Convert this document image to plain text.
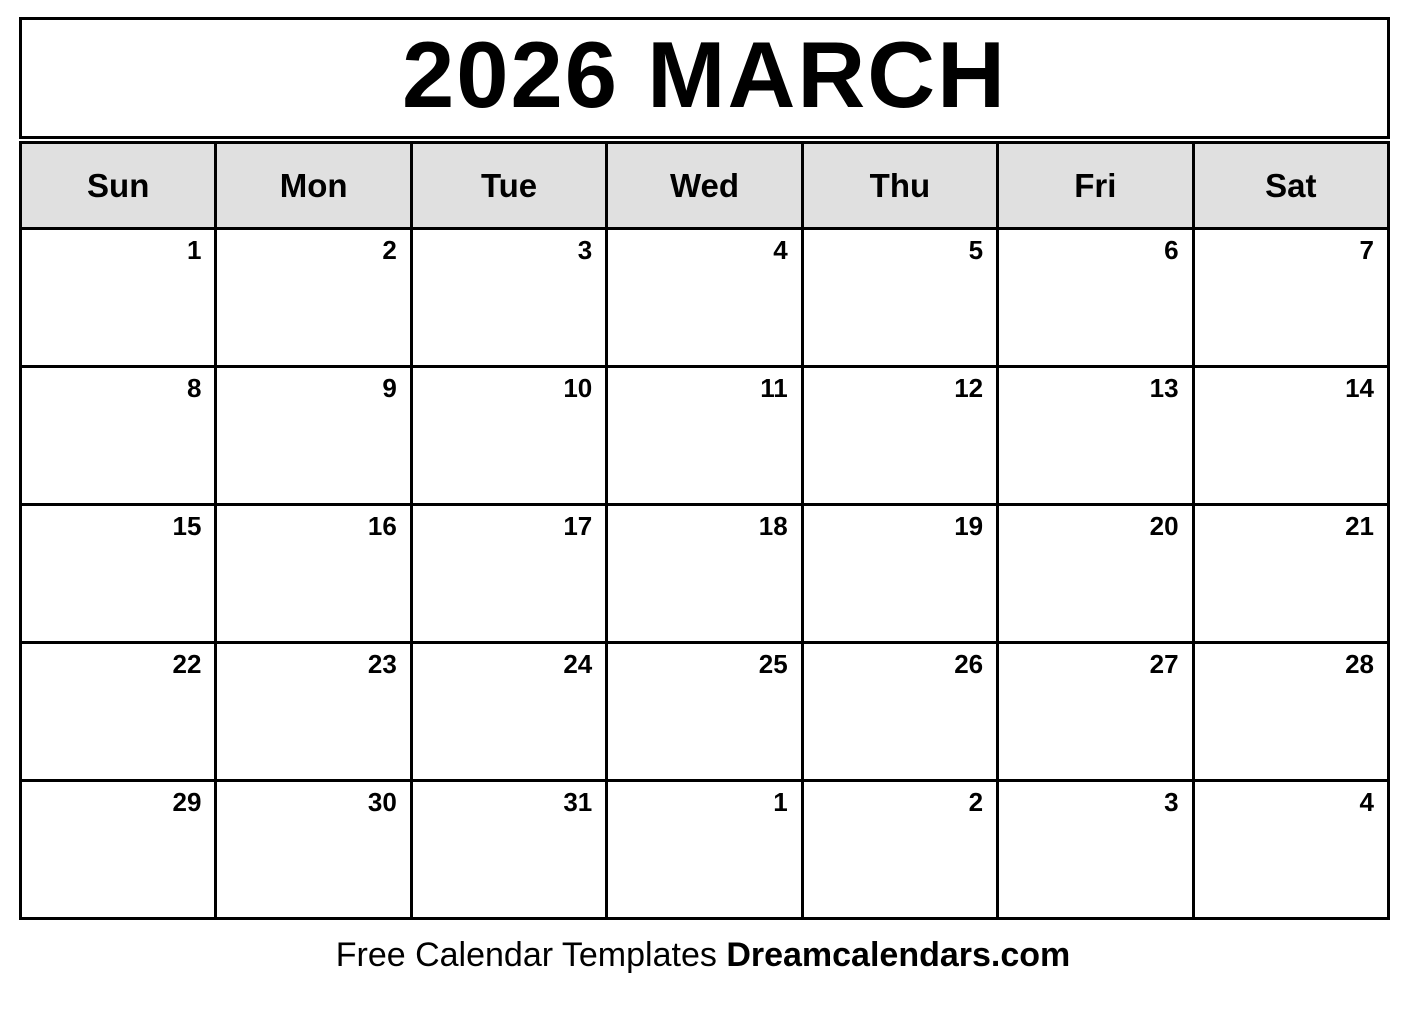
2026 MARCH
Sun	Mon	Tue	Wed	Thu	Fri	Sat
1	2	3	4	5	6	7
8	9	10	11	12	13	14
15	16	17	18	19	20	21
22	23	24	25	26	27	28
29	30	31	1	2	3	4
Free Calendar Templates Dreamcalendars.com
